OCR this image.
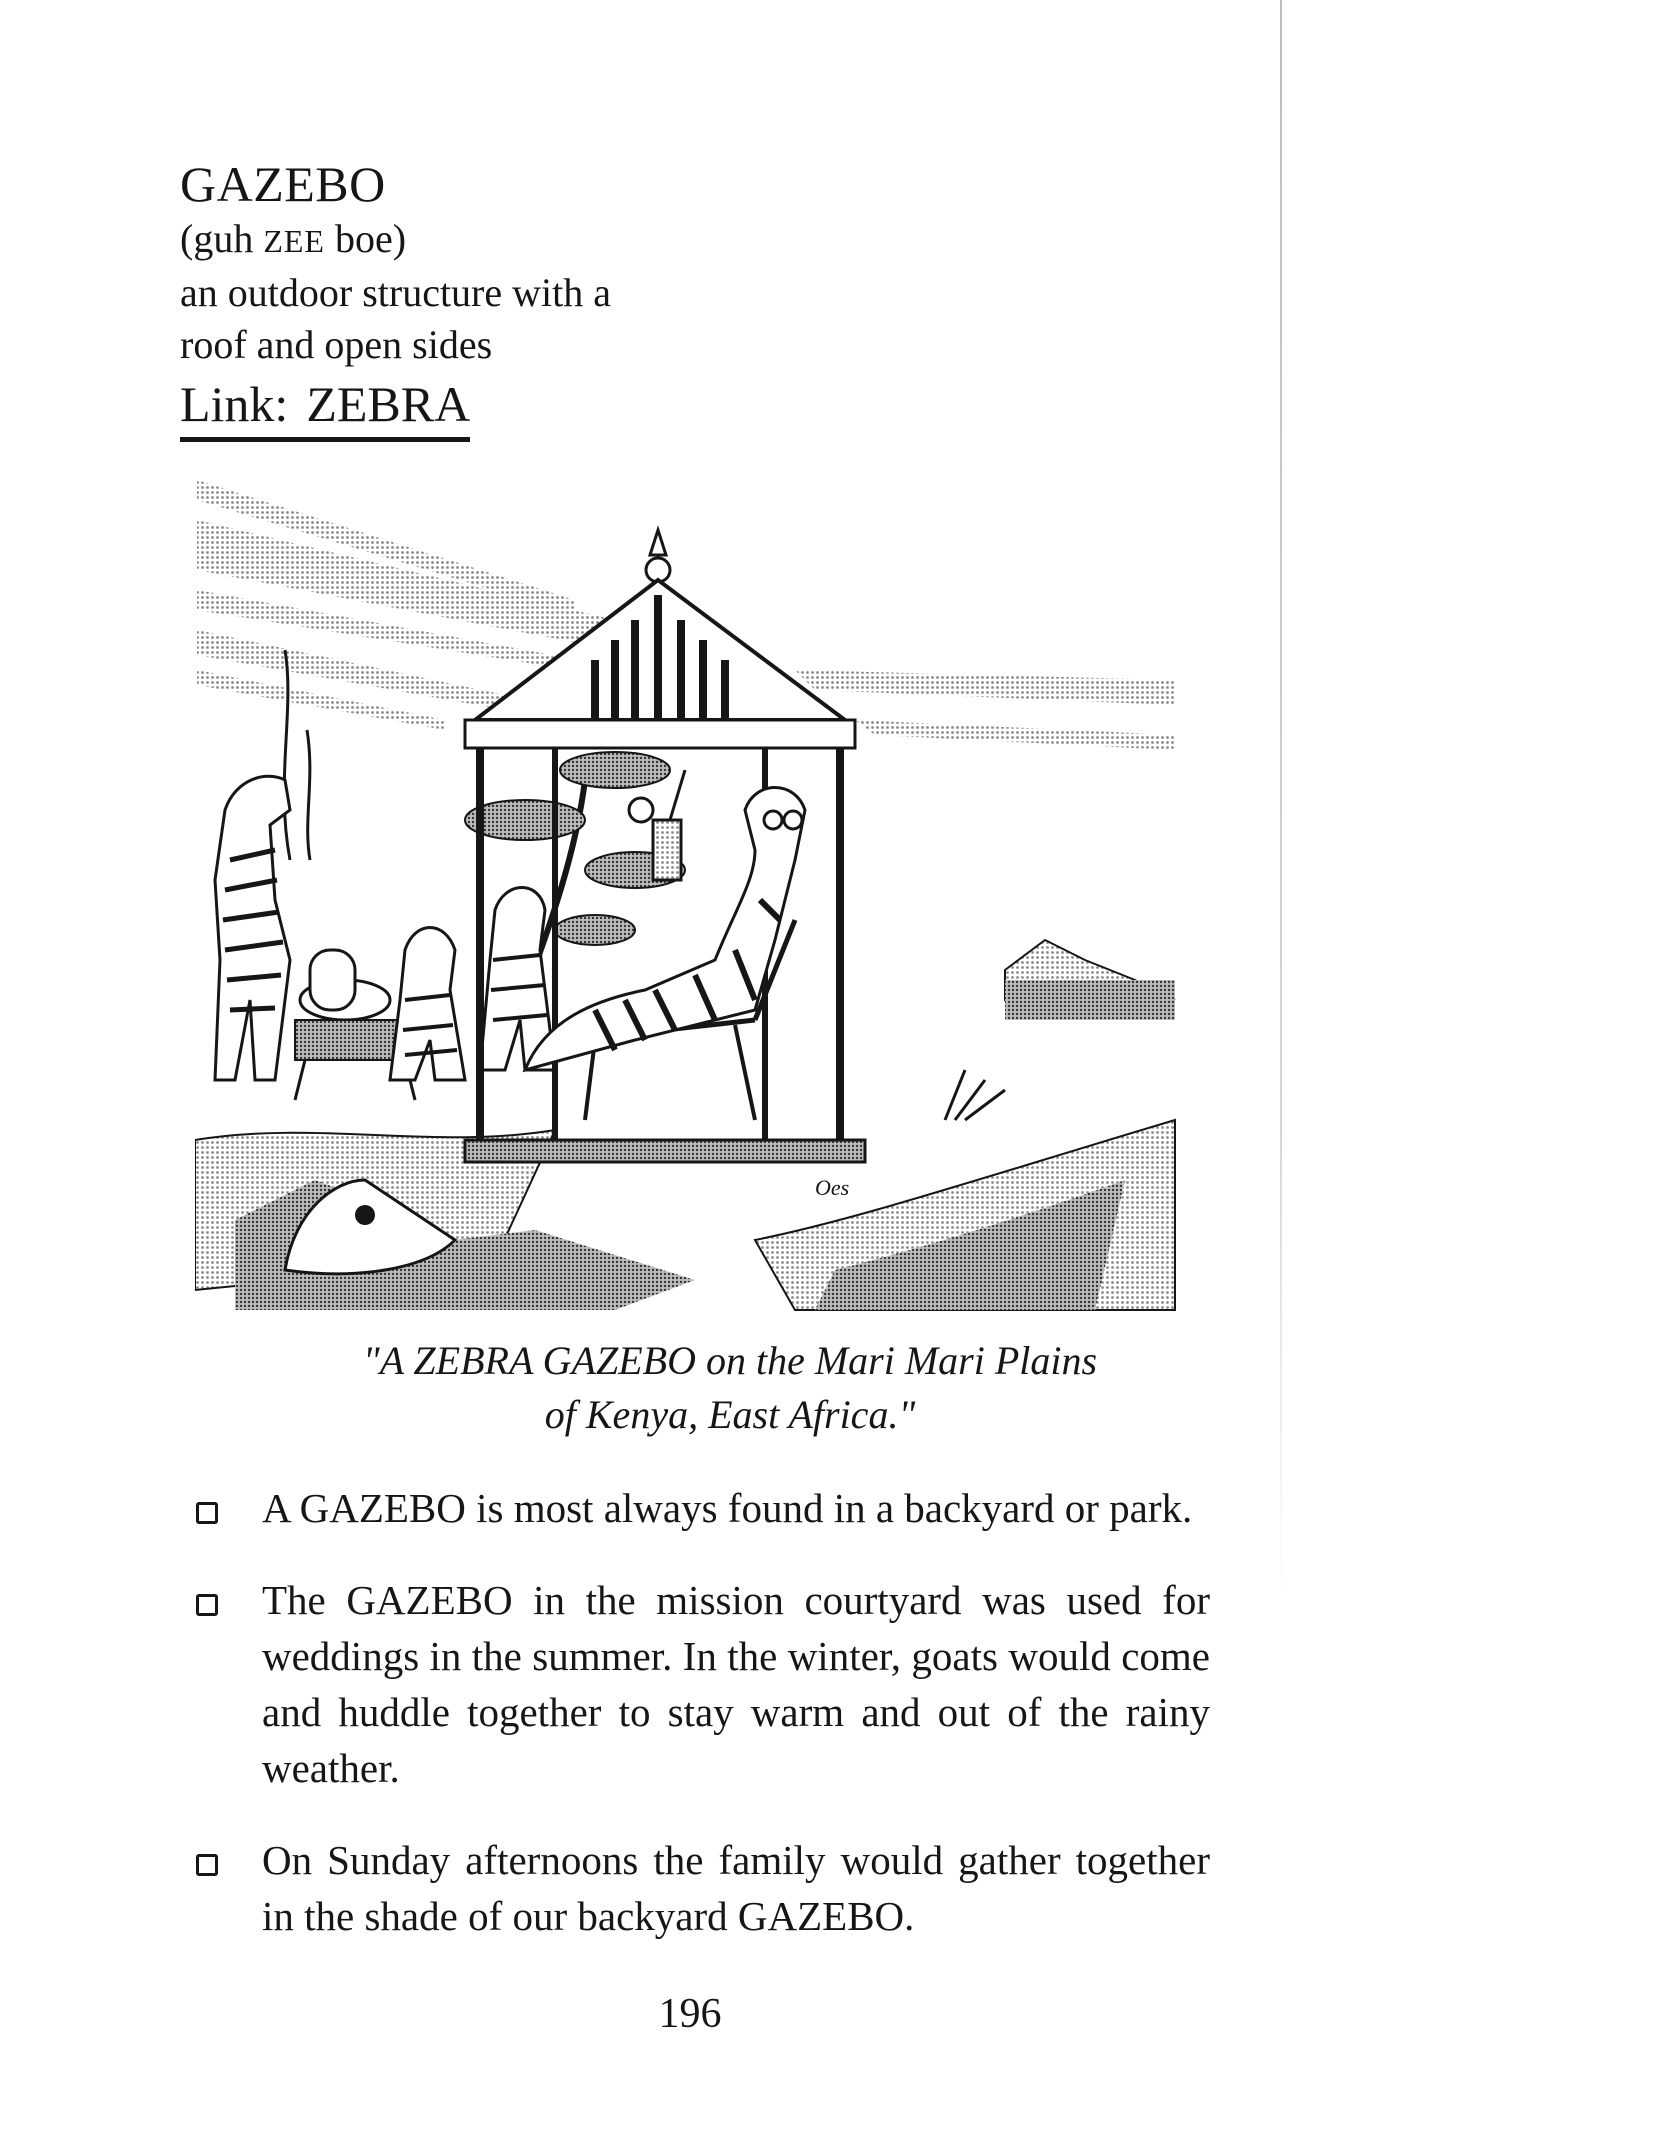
GAZEBO
(guh ZEE boe)
an outdoor structure with a
roof and open sides
Link: ZEBRA
Oes
"A ZEBRA GAZEBO on the Mari Mari Plains
of Kenya, East Africa."
A GAZEBO is most always found in a backyard or park.
The GAZEBO in the mission courtyard was used for weddings in the summer. In the winter, goats would come and huddle together to stay warm and out of the rainy weather.
On Sunday afternoons the family would gather together in the shade of our backyard GAZEBO.
196
